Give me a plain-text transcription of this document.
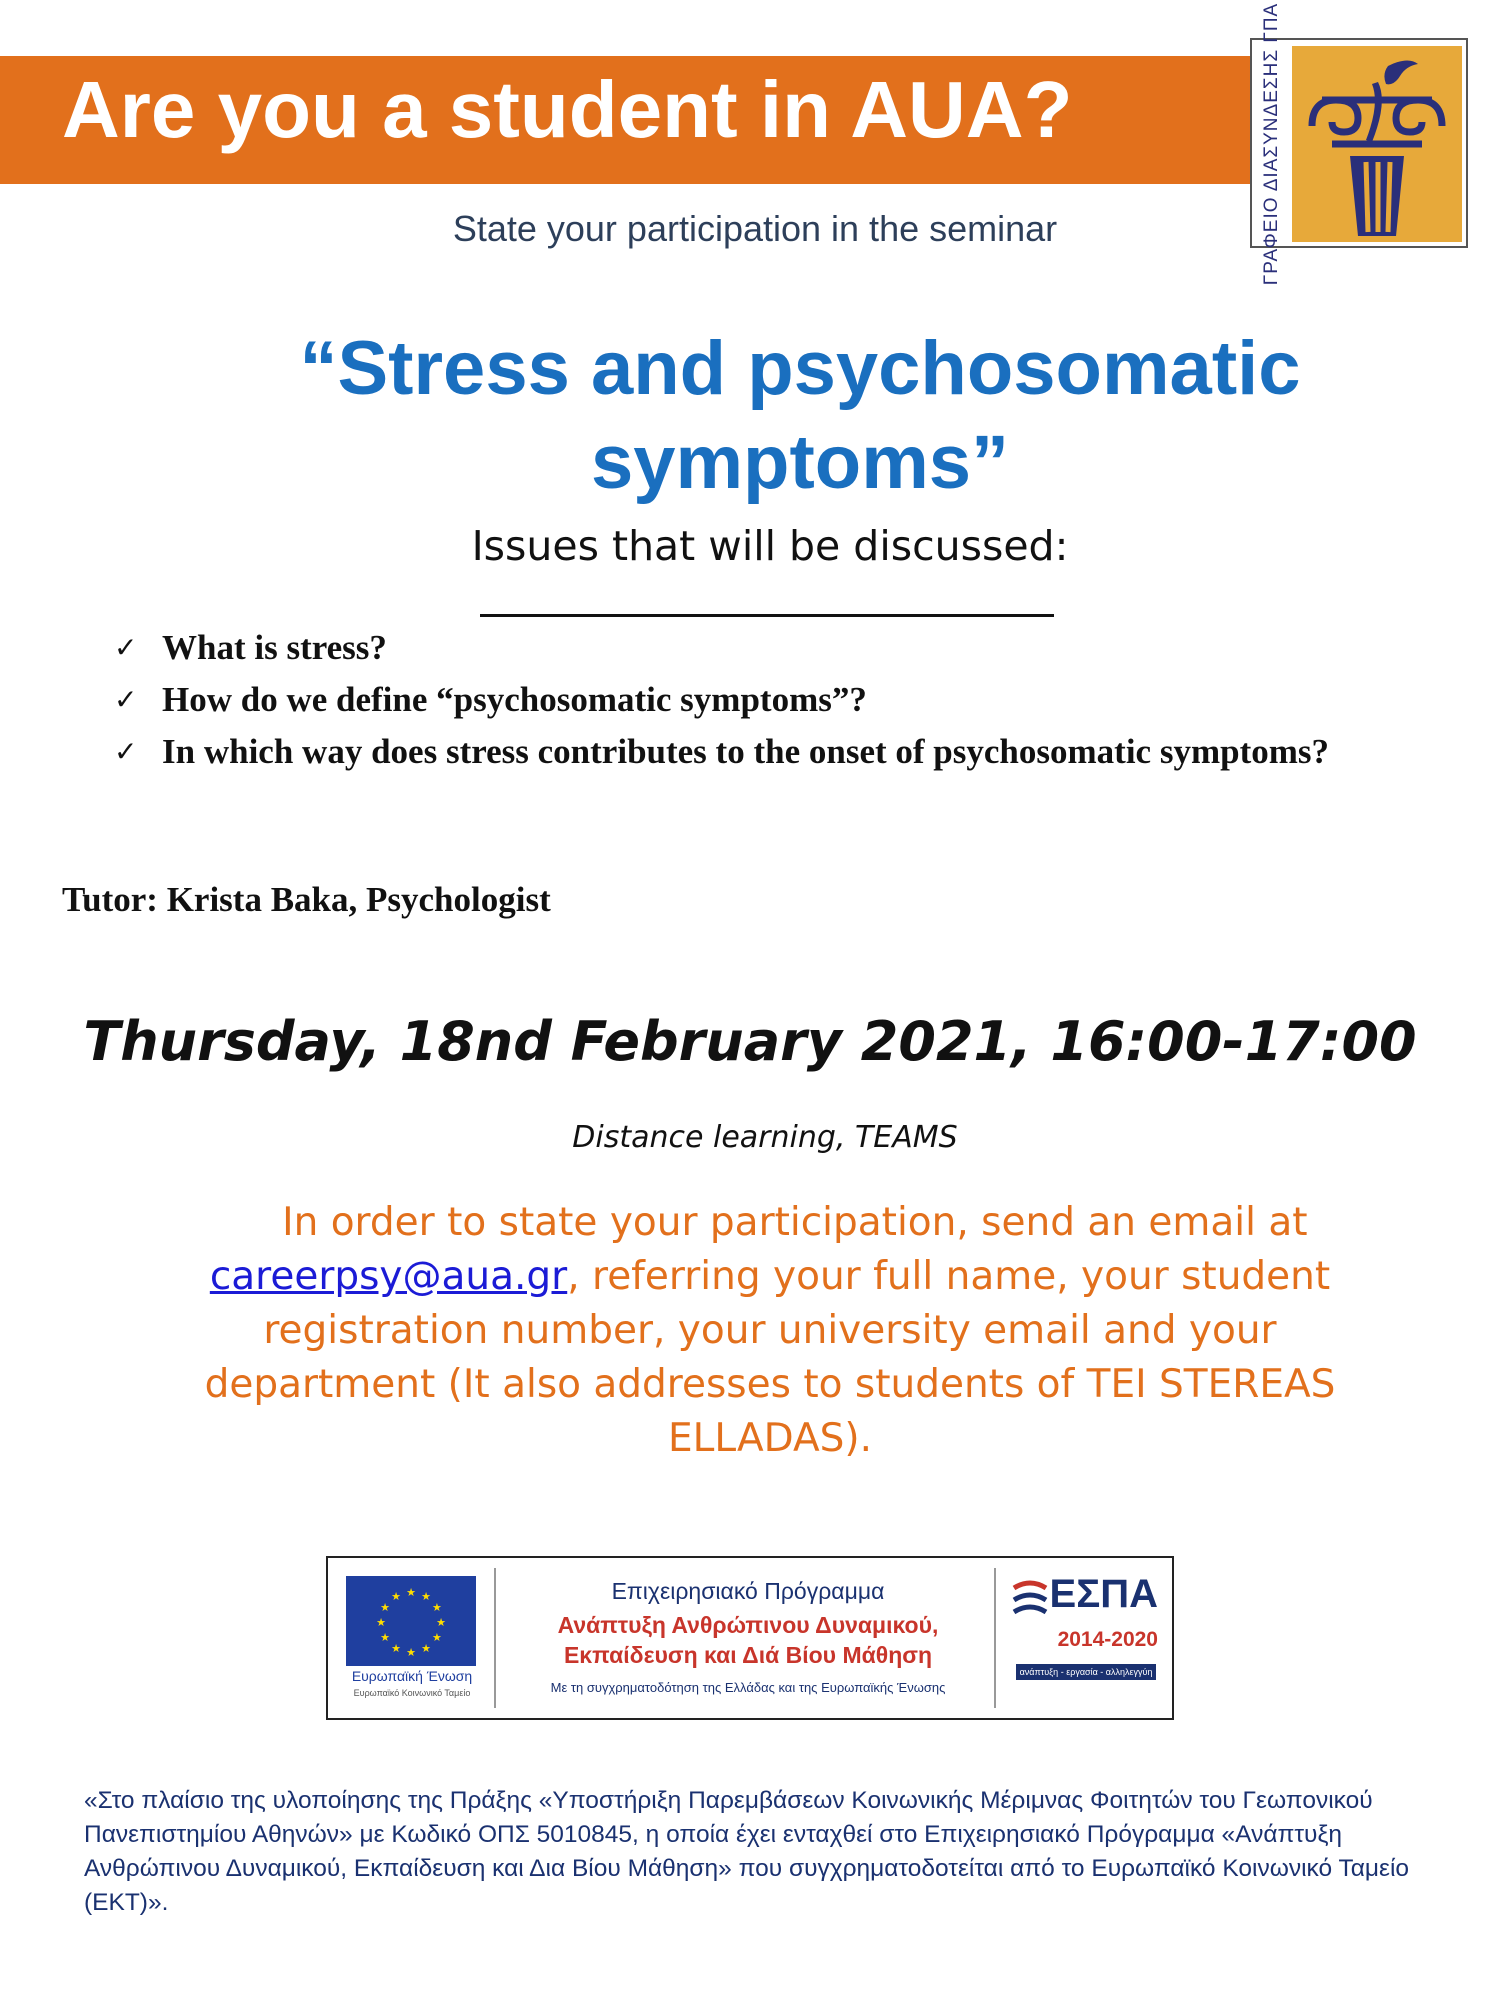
Are you a student in AUA?	ΓΡΑΦΕΙΟ ΔΙΑΣΥΝΔΕΣΗΣ ΓΠΑ
State your participation in the seminar
“Stress and psychosomatic
symptoms”
Issues that will be discussed:
✓ What is stress?
✓ How do we define “psychosomatic symptoms”?
✓ In which way does stress contributes to the onset of psychosomatic symptoms?
Tutor: Krista Baka, Psychologist
Thursday, 18nd February 2021, 16:00-17:00
Distance learning, TEAMS
In order to state your participation, send an email at careerpsy@aua.gr, referring your full name, your student registration number, your university email and your department (It also addresses to students of TEI STEREAS ELLADAS).
★ ★
★
★
★
★
★
★
★
★
★
★
Ευρωπαϊκή Ένωση
Ευρωπαϊκό Κοινωνικό Ταμείο
Επιχειρησιακό Πρόγραμμα
Ανάπτυξη Ανθρώπινου Δυναμικού,
Εκπαίδευση και Διά Βίου Μάθηση
Με τη συγχρηματοδότηση της Ελλάδας και της Ευρωπαϊκής Ένωσης
ΕΣΠΑ
2014-2020
ανάπτυξη - εργασία - αλληλεγγύη
«Στο πλαίσιο της υλοποίησης της Πράξης «Υποστήριξη Παρεμβάσεων Κοινωνικής Μέριμνας Φοιτητών του Γεωπονικού Πανεπιστημίου Αθηνών» με Κωδικό ΟΠΣ 5010845, η οποία έχει ενταχθεί στο Επιχειρησιακό Πρόγραμμα «Ανάπτυξη Ανθρώπινου Δυναμικού, Εκπαίδευση και Δια Βίου Μάθηση» που συγχρηματοδοτείται από το Ευρωπαϊκό Κοινωνικό Ταμείο (ΕΚΤ)».
